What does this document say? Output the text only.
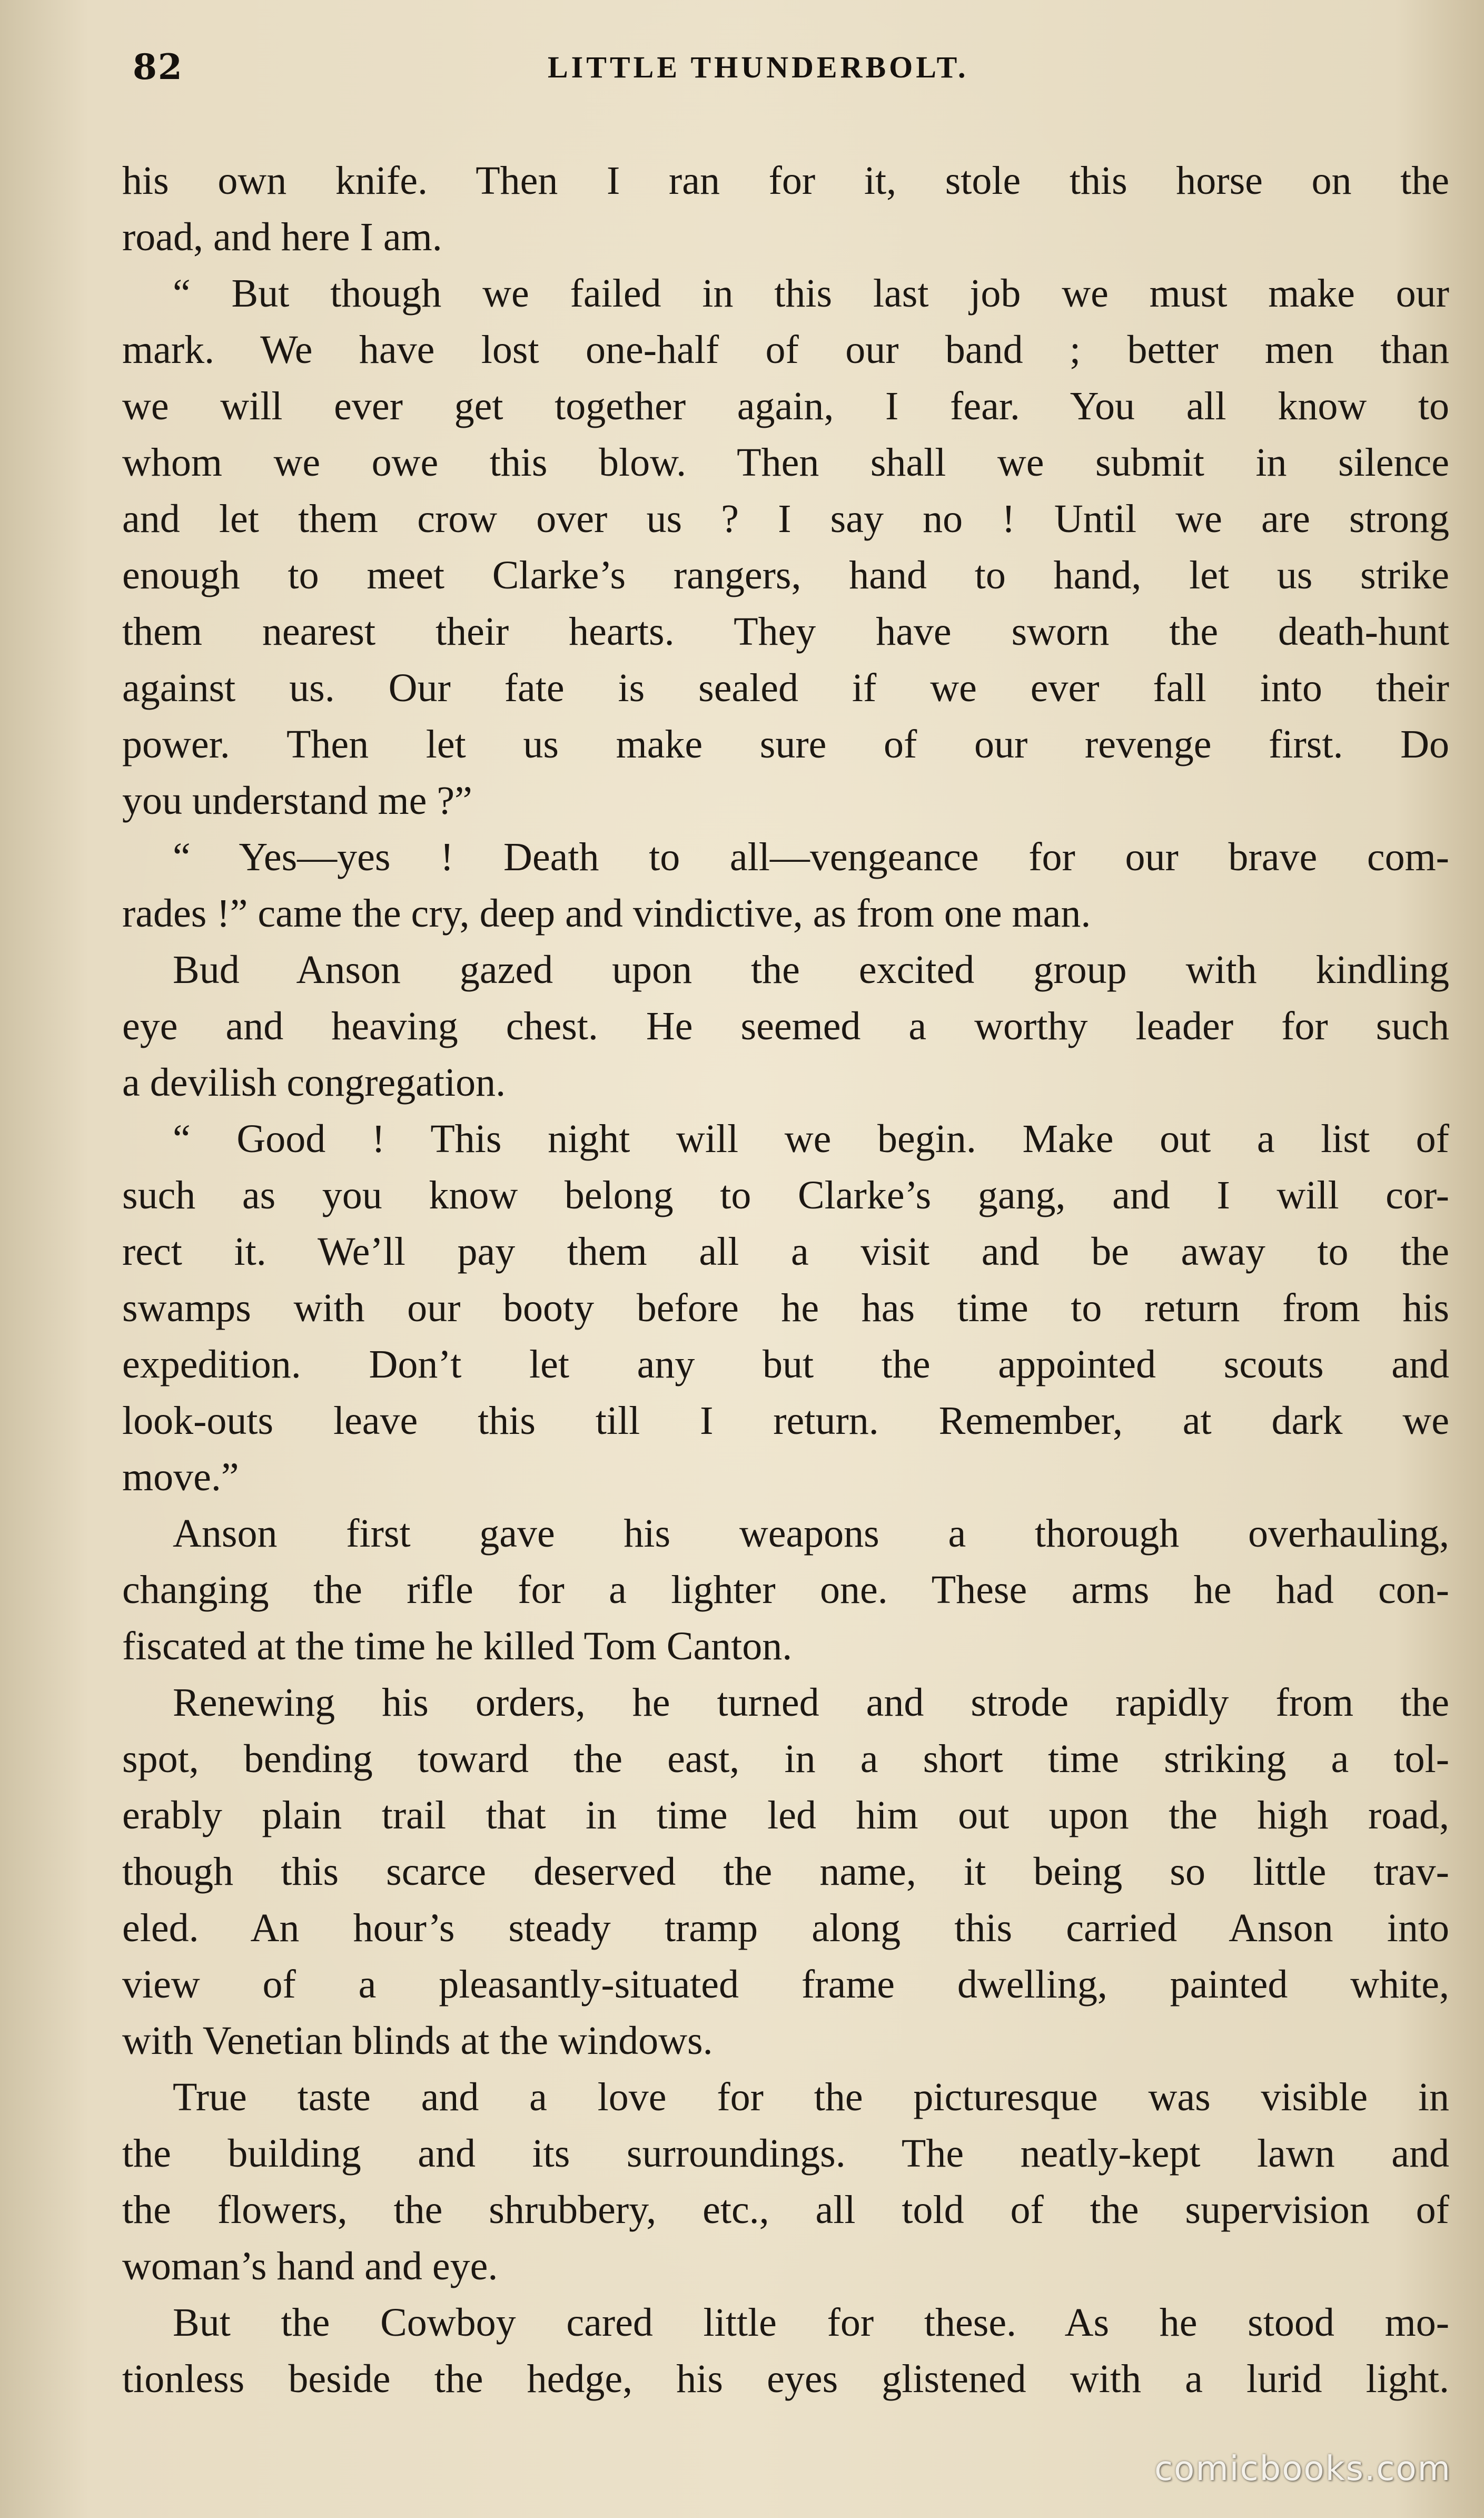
82	LITTLE THUNDERBOLT.
his own knife. Then I ran for it, stole this horse on the
road, and here I am.
“ But though we failed in this last job we must make our
mark. We have lost one-half of our band ; better men than
we will ever get together again, I fear. You all know to
whom we owe this blow. Then shall we submit in silence
and let them crow over us ? I say no ! Until we are strong
enough to meet Clarke’s rangers, hand to hand, let us strike
them nearest their hearts. They have sworn the death-hunt
against us. Our fate is sealed if we ever fall into their
power. Then let us make sure of our revenge first. Do
you understand me ?”
“ Yes—yes ! Death to all—vengeance for our brave com-
rades !” came the cry, deep and vindictive, as from one man.
Bud Anson gazed upon the excited group with kindling
eye and heaving chest. He seemed a worthy leader for such
a devilish congregation.
“ Good ! This night will we begin. Make out a list of
such as you know belong to Clarke’s gang, and I will cor-
rect it. We’ll pay them all a visit and be away to the
swamps with our booty before he has time to return from his
expedition. Don’t let any but the appointed scouts and
look-outs leave this till I return. Remember, at dark we
move.”
Anson first gave his weapons a thorough overhauling,
changing the rifle for a lighter one. These arms he had con-
fiscated at the time he killed Tom Canton.
Renewing his orders, he turned and strode rapidly from the
spot, bending toward the east, in a short time striking a tol-
erably plain trail that in time led him out upon the high road,
though this scarce deserved the name, it being so little trav-
eled. An hour’s steady tramp along this carried Anson into
view of a pleasantly-situated frame dwelling, painted white,
with Venetian blinds at the windows.
True taste and a love for the picturesque was visible in
the building and its surroundings. The neatly-kept lawn and
the flowers, the shrubbery, etc., all told of the supervision of
woman’s hand and eye.
But the Cowboy cared little for these. As he stood mo-
tionless beside the hedge, his eyes glistened with a lurid light.
comicbooks.com
